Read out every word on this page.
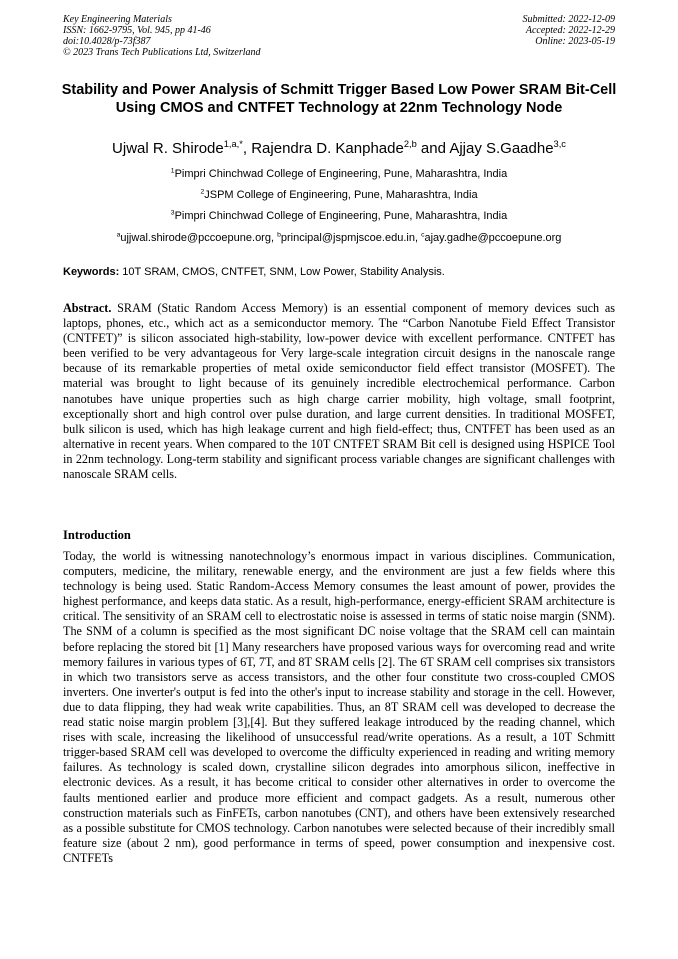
Key Engineering Materials
ISSN: 1662-9795, Vol. 945, pp 41-46
doi:10.4028/p-73f387
© 2023 Trans Tech Publications Ltd, Switzerland
Submitted: 2022-12-09
Accepted: 2022-12-29
Online: 2023-05-19
Stability and Power Analysis of Schmitt Trigger Based Low Power SRAM Bit-Cell Using CMOS and CNTFET Technology at 22nm Technology Node
Ujwal R. Shirode$^{1,a,*}$, Rajendra D. Kanphade$^{2,b}$ and Ajjay S.Gaadhe$^{3,c}$
$^1$Pimpri Chinchwad College of Engineering, Pune, Maharashtra, India
$^2$JSPM College of Engineering, Pune, Maharashtra, India
$^3$Pimpri Chinchwad College of Engineering, Pune, Maharashtra, India
$^a$ujjwal.shirode@pccoepune.org, $^b$principal@jspmjscoe.edu.in, $^c$ajay.gadhe@pccoepune.org
Keywords: 10T SRAM, CMOS, CNTFET, SNM, Low Power, Stability Analysis.

Abstract. SRAM (Static Random Access Memory) is an essential component of memory devices such as laptops, phones, etc., which act as a semiconductor memory. The “Carbon Nanotube Field Effect Transistor (CNTFET)” is silicon associated high-stability, low-power device with excellent performance. CNTFET has been verified to be very advantageous for Very large-scale integration circuit designs in the nanoscale range because of its remarkable properties of metal oxide semiconductor field effect transistor (MOSFET). The material was brought to light because of its genuinely incredible electrochemical performance. Carbon nanotubes have unique properties such as high charge carrier mobility, high voltage, small footprint, exceptionally short and high control over pulse duration, and large current densities. In traditional MOSFET, bulk silicon is used, which has high leakage current and high field-effect; thus, CNTFET has been used as an alternative in recent years. When compared to the 10T CNTFET SRAM Bit cell is designed using HSPICE Tool in 22nm technology. Long-term stability and significant process variable changes are significant challenges with nanoscale SRAM cells.

Introduction

Today, the world is witnessing nanotechnology’s enormous impact in various disciplines. Communication, computers, medicine, the military, renewable energy, and the environment are just a few fields where this technology is being used. Static Random-Access Memory consumes the least amount of power, provides the highest performance, and keeps data static. As a result, high-performance, energy-efficient SRAM architecture is critical. The sensitivity of an SRAM cell to electrostatic noise is assessed in terms of static noise margin (SNM). The SNM of a column is specified as the most significant DC noise voltage that the SRAM cell can maintain before replacing the stored bit [1] Many researchers have proposed various ways for overcoming read and write memory failures in various types of 6T, 7T, and 8T SRAM cells [2]. The 6T SRAM cell comprises six transistors in which two transistors serve as access transistors, and the other four constitute two cross-coupled CMOS inverters. One inverter's output is fed into the other's input to increase stability and storage in the cell. However, due to data flipping, they had weak write capabilities. Thus, an 8T SRAM cell was developed to decrease the read static noise margin problem [3],[4]. But they suffered leakage introduced by the reading channel, which rises with scale, increasing the likelihood of unsuccessful read/write operations. As a result, a 10T Schmitt trigger-based SRAM cell was developed to overcome the difficulty experienced in reading and writing memory failures. As technology is scaled down, crystalline silicon degrades into amorphous silicon, ineffective in electronic devices. As a result, it has become critical to consider other alternatives in order to overcome the faults mentioned earlier and produce more efficient and compact gadgets. As a result, numerous other construction materials such as FinFETs, carbon nanotubes (CNT), and others have been extensively researched as a possible substitute for CMOS technology. Carbon nanotubes were selected because of their incredibly small feature size (about 2 nm), good performance in terms of speed, power consumption and inexpensive cost. CNTFETs
